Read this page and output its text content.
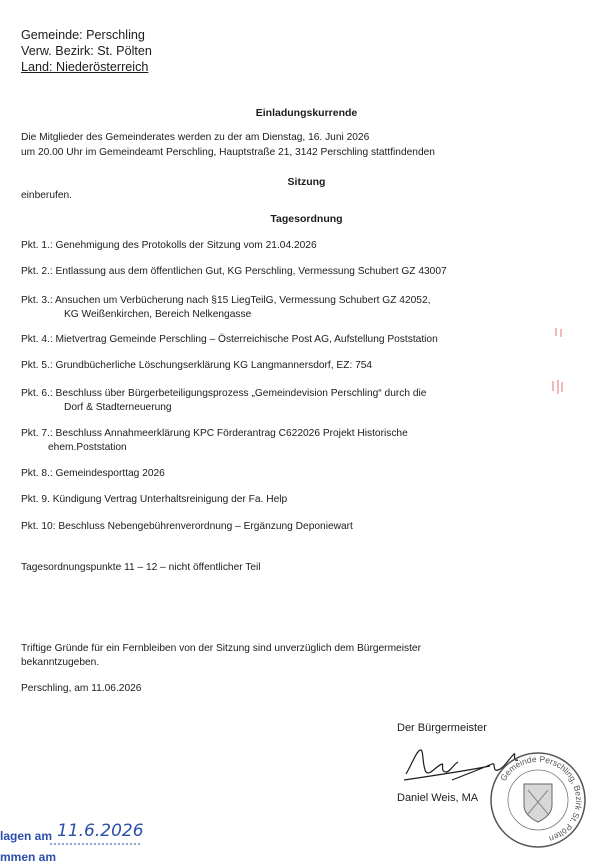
Gemeinde: Perschling
Verw. Bezirk: St. Pölten
Land: Niederösterreich
Einladungskurrende
Die Mitglieder des Gemeinderates werden zu der am Dienstag, 16. Juni 2026
um 20.00 Uhr im Gemeindeamt Perschling, Hauptstraße 21, 3142 Perschling stattfindenden
Sitzung
einberufen.
Tagesordnung
Pkt. 1.: Genehmigung des Protokolls der Sitzung vom 21.04.2026
Pkt. 2.: Entlassung aus dem öffentlichen Gut, KG Perschling, Vermessung Schubert GZ 43007
Pkt. 3.: Ansuchen um Verbücherung nach §15 LiegTeilG, Vermessung Schubert GZ 42052,
KG Weißenkirchen, Bereich Nelkengasse
Pkt. 4.: Mietvertrag Gemeinde Perschling – Österreichische Post AG, Aufstellung Poststation
Pkt. 5.: Grundbücherliche Löschungserklärung KG Langmannersdorf, EZ: 754
Pkt. 6.: Beschluss über Bürgerbeteiligungsprozess „Gemeindevision Perschling“ durch die
Dorf & Stadterneuerung
Pkt. 7.: Beschluss Annahmeerklärung KPC Förderantrag C622026 Projekt Historische
ehem.Poststation
Pkt. 8.: Gemeindesporttag 2026
Pkt. 9. Kündigung Vertrag Unterhaltsreinigung der Fa. Help
Pkt. 10: Beschluss Nebengebührenverordnung – Ergänzung Deponiewart
Tagesordnungspunkte 11 – 12 – nicht öffentlicher Teil
Triftige Gründe für ein Fernbleiben von der Sitzung sind unverzüglich dem Bürgermeister
bekanntzugeben.
Perschling, am 11.06.2026
Der Bürgermeister
Daniel Weis, MA
Gemeinde Perschling, Bezirk St. Pölten
lagen am 11.6.2026
mmen am
